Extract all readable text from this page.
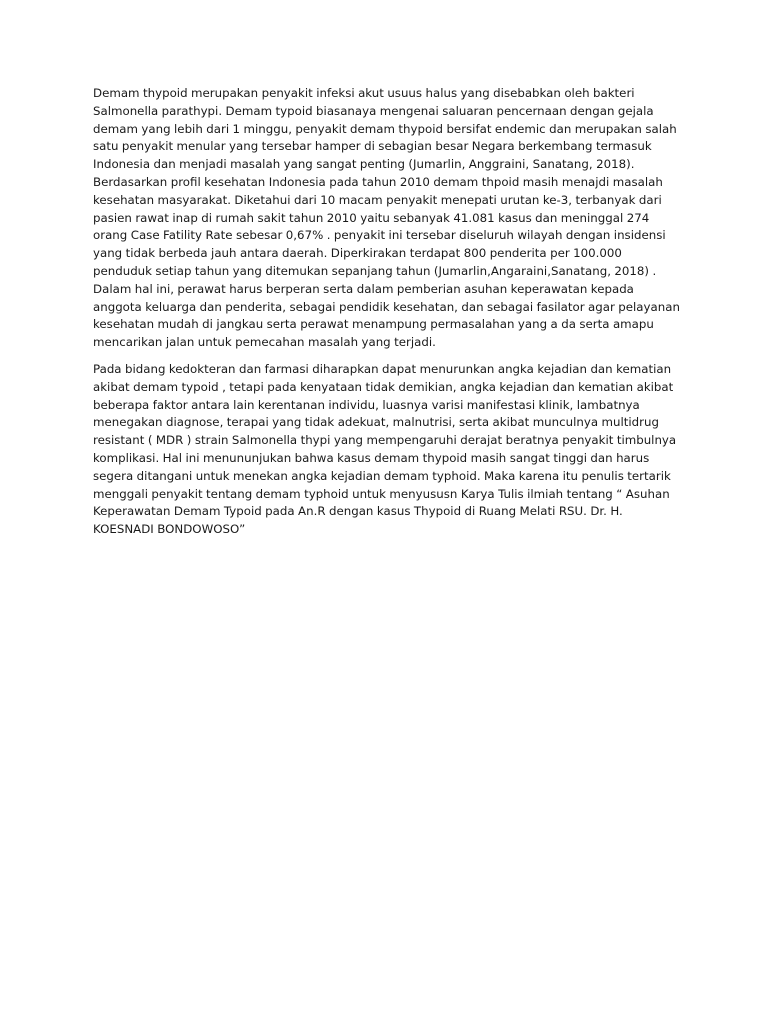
Demam thypoid merupakan penyakit infeksi akut usuus halus yang disebabkan oleh bakteri Salmonella parathypi. Demam typoid biasanaya mengenai saluaran pencernaan dengan gejala demam yang lebih dari 1 minggu, penyakit demam thypoid bersifat endemic dan merupakan salah satu penyakit menular yang tersebar hamper di sebagian besar Negara berkembang termasuk Indonesia dan menjadi masalah yang sangat penting (Jumarlin, Anggraini, Sanatang, 2018). Berdasarkan profil kesehatan Indonesia pada tahun 2010 demam thpoid masih menajdi masalah kesehatan masyarakat. Diketahui dari 10 macam penyakit menepati urutan ke-3, terbanyak dari pasien rawat inap di rumah sakit tahun 2010 yaitu sebanyak 41.081 kasus dan meninggal 274 orang Case Fatility Rate sebesar 0,67% . penyakit ini tersebar diseluruh wilayah dengan insidensi yang tidak berbeda jauh antara daerah. Diperkirakan terdapat 800 penderita per 100.000 penduduk setiap tahun yang ditemukan sepanjang tahun (Jumarlin,Angaraini,Sanatang, 2018) . Dalam hal ini, perawat harus berperan serta dalam pemberian asuhan keperawatan kepada anggota keluarga dan penderita, sebagai pendidik kesehatan, dan sebagai fasilator agar pelayanan kesehatan mudah di jangkau serta perawat menampung permasalahan yang a da serta amapu mencarikan jalan untuk pemecahan masalah yang terjadi.

Pada bidang kedokteran dan farmasi diharapkan dapat menurunkan angka kejadian dan kematian akibat demam typoid , tetapi pada kenyataan tidak demikian, angka kejadian dan kematian akibat beberapa faktor antara lain kerentanan individu, luasnya varisi manifestasi klinik, lambatnya menegakan diagnose, terapai yang tidak adekuat, malnutrisi, serta akibat munculnya multidrug resistant ( MDR ) strain Salmonella thypi yang mempengaruhi derajat beratnya penyakit timbulnya komplikasi. Hal ini menununjukan bahwa kasus demam thypoid masih sangat tinggi dan harus segera ditangani untuk menekan angka kejadian demam typhoid. Maka karena itu penulis tertarik menggali penyakit tentang demam typhoid untuk menyususn Karya Tulis ilmiah tentang “ Asuhan Keperawatan Demam Typoid pada An.R dengan kasus Thypoid di Ruang Melati RSU. Dr. H. KOESNADI BONDOWOSO”
